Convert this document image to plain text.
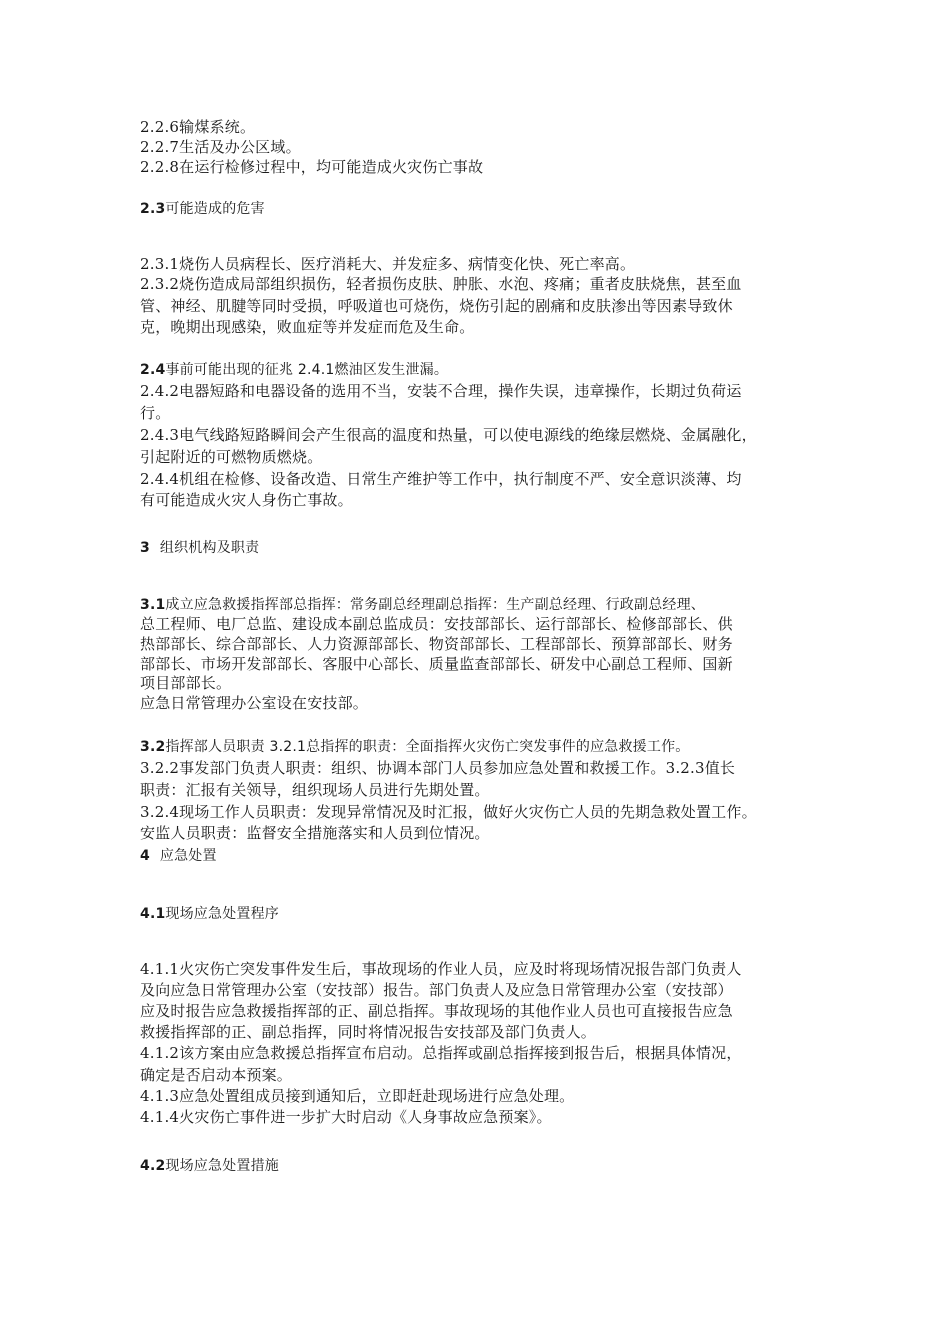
2.2.6输煤系统。
2.2.7生活及办公区域。
2.2.8在运行检修过程中，均可能造成火灾伤亡事故
2.3可能造成的危害
2.3.1烧伤人员病程长、医疗消耗大、并发症多、病情变化快、死亡率高。
2.3.2烧伤造成局部组织损伤，轻者损伤皮肤、肿胀、水泡、疼痛；重者皮肤烧焦，甚至血
管、神经、肌腱等同时受损，呼吸道也可烧伤，烧伤引起的剧痛和皮肤渗出等因素导致休
克，晚期出现感染，败血症等并发症而危及生命。
2.4事前可能出现的征兆 2.4.1燃油区发生泄漏。
2.4.2电器短路和电器设备的选用不当，安装不合理，操作失误，违章操作，长期过负荷运
行。
2.4.3电气线路短路瞬间会产生很高的温度和热量，可以使电源线的绝缘层燃烧、金属融化，
引起附近的可燃物质燃烧。
2.4.4机组在检修、设备改造、日常生产维护等工作中，执行制度不严、安全意识淡薄、均
有可能造成火灾人身伤亡事故。
3 组织机构及职责
3.1成立应急救援指挥部总指挥：常务副总经理副总指挥：生产副总经理、行政副总经理、
总工程师、电厂总监、建设成本副总监成员：安技部部长、运行部部长、检修部部长、供
热部部长、综合部部长、人力资源部部长、物资部部长、工程部部长、预算部部长、财务
部部长、市场开发部部长、客服中心部长、质量监查部部长、研发中心副总工程师、国新
项目部部长。
应急日常管理办公室设在安技部。
3.2指挥部人员职责 3.2.1总指挥的职责：全面指挥火灾伤亡突发事件的应急救援工作。
3.2.2事发部门负责人职责：组织、协调本部门人员参加应急处置和救援工作。3.2.3值长
职责：汇报有关领导，组织现场人员进行先期处置。
3.2.4现场工作人员职责：发现异常情况及时汇报，做好火灾伤亡人员的先期急救处置工作。
安监人员职责：监督安全措施落实和人员到位情况。
4 应急处置
4.1现场应急处置程序
4.1.1火灾伤亡突发事件发生后，事故现场的作业人员，应及时将现场情况报告部门负责人
及向应急日常管理办公室（安技部）报告。部门负责人及应急日常管理办公室（安技部）
应及时报告应急救援指挥部的正、副总指挥。事故现场的其他作业人员也可直接报告应急
救援指挥部的正、副总指挥，同时将情况报告安技部及部门负责人。
4.1.2该方案由应急救援总指挥宣布启动。总指挥或副总指挥接到报告后，根据具体情况，
确定是否启动本预案。
4.1.3应急处置组成员接到通知后，立即赶赴现场进行应急处理。
4.1.4火灾伤亡事件进一步扩大时启动《人身事故应急预案》。
4.2现场应急处置措施
